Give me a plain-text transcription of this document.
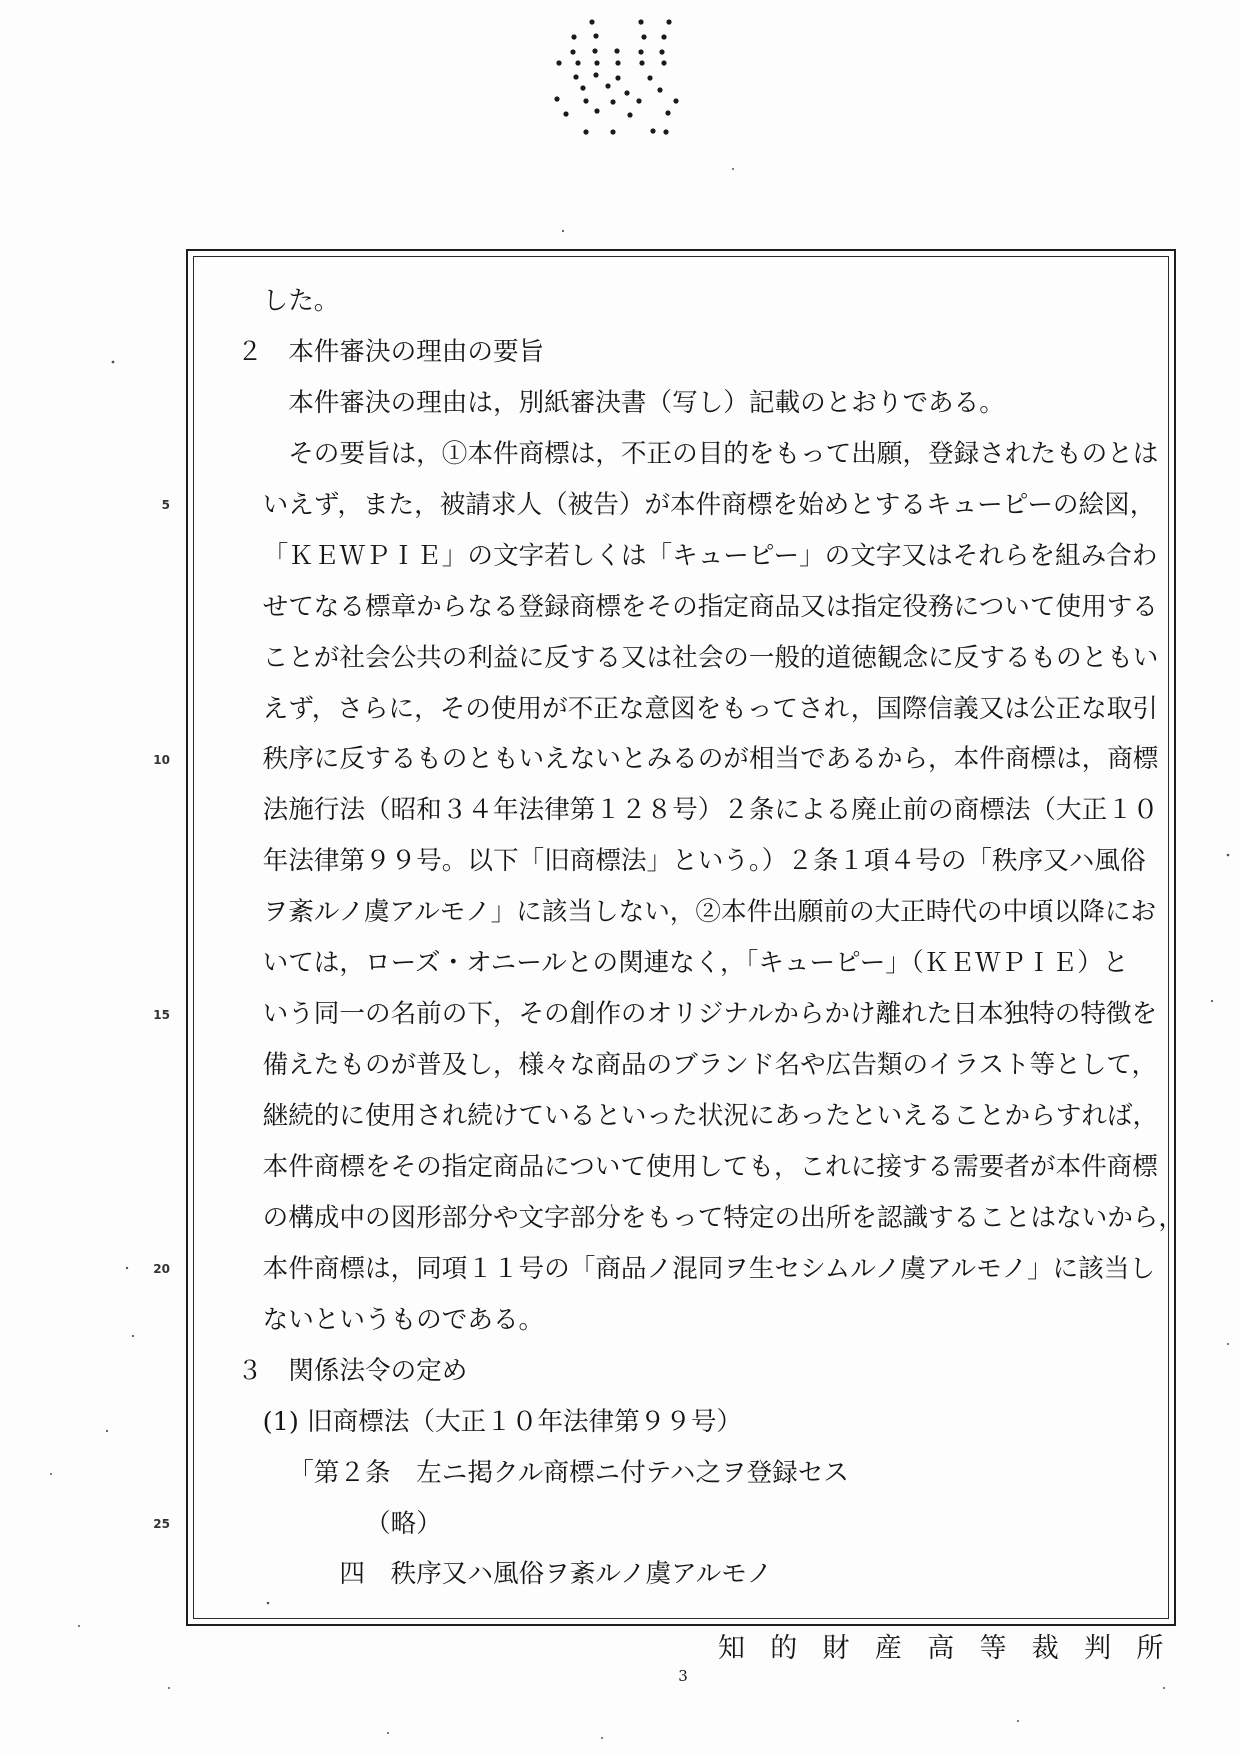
5
10
15
20
25
した。
２　本件審決の理由の要旨
本件審決の理由は，別紙審決書（写し）記載のとおりである。
その要旨は，①本件商標は，不正の目的をもって出願，登録されたものとは
いえず，また，被請求人（被告）が本件商標を始めとするキューピーの絵図，
「ＫＥＷＰＩＥ」の文字若しくは「キューピー」の文字又はそれらを組み合わ
せてなる標章からなる登録商標をその指定商品又は指定役務について使用する
ことが社会公共の利益に反する又は社会の一般的道徳観念に反するものともい
えず，さらに，その使用が不正な意図をもってされ，国際信義又は公正な取引
秩序に反するものともいえないとみるのが相当であるから，本件商標は，商標
法施行法（昭和３４年法律第１２８号）２条による廃止前の商標法（大正１０
年法律第９９号。以下「旧商標法」という。）２条１項４号の「秩序又ハ風俗
ヲ紊ルノ虞アルモノ」に該当しない，②本件出願前の大正時代の中頃以降にお
いては，ローズ・オニールとの関連なく，「キューピー」（ＫＥＷＰＩＥ）と
いう同一の名前の下，その創作のオリジナルからかけ離れた日本独特の特徴を
備えたものが普及し，様々な商品のブランド名や広告類のイラスト等として，
継続的に使用され続けているといった状況にあったといえることからすれば，
本件商標をその指定商品について使用しても，これに接する需要者が本件商標
の構成中の図形部分や文字部分をもって特定の出所を認識することはないから，
本件商標は，同項１１号の「商品ノ混同ヲ生セシムルノ虞アルモノ」に該当し
ないというものである。
３　関係法令の定め
(1) 旧商標法（大正１０年法律第９９号）
「第２条　左ニ掲クル商標ニ付テハ之ヲ登録セス
（略）
四　秩序又ハ風俗ヲ紊ルノ虞アルモノ
知的財産高等裁判所
3
